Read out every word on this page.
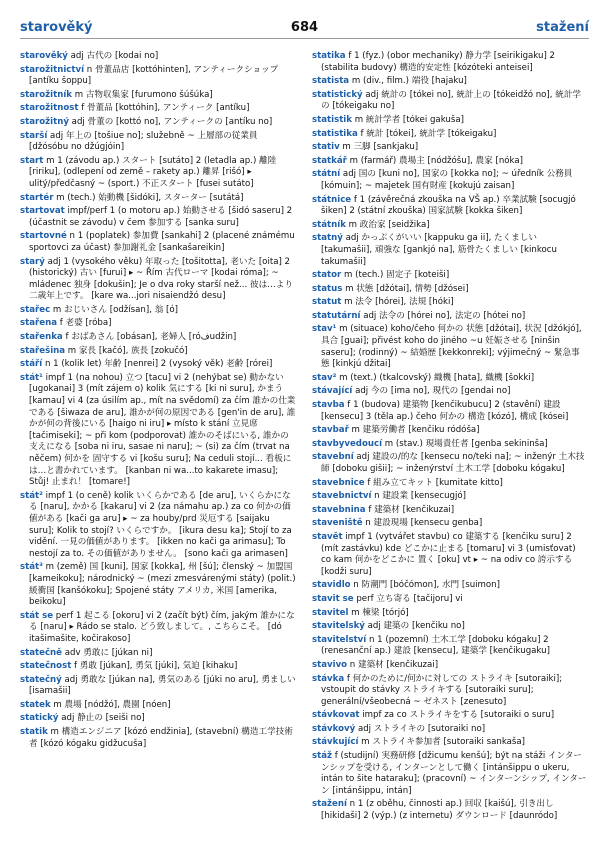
starověký	684	stažení

starověký adj 古代の [kodai no]

starožitnictví n 骨董品店 [kottóhinten], アンティークショップ [antíku šoppu]

starožitník m 古物収集家 [furumono šúšúka]

starožitnost f 骨董品 [kottóhin], アンティーク [antíku]

starožitný adj 骨董の [kottó no], アンティークの [antíku no]

starší adj 年上の [tošiue no]; služebně ~ 上層部の従業員 [džósóbu no džúgjóin]

start m 1 (závodu ap.) スタート [sutáto] 2 (letadla ap.) 離陸 [ririku], (odlepení od země – rakety ap.) 離昇 [rišó] ▸ ulitý/předčasný ~ (sport.) 不正スタート [fusei sutáto]

startér m (tech.) 始動機 [šidóki], スターター [sutátá]

startovat impf/perf 1 (o motoru ap.) 始動させる [šidó saseru] 2 (účastnit se závodu) v čem 参加する [sanka suru]

startovné n 1 (poplatek) 参加費 [sankahi] 2 (placené známému sportovci za účast) 参加謝礼金 [sankašareikin]

starý adj 1 (vysokého věku) 年取った [tošitotta], 老いた [oita] 2 (historický) 古い [furui] ▸ ~ Řím 古代ローマ [kodai róma]; ~ mládenec 独身 [dokušin]; Je o dva roky starší než... 彼は…より二歳年上です。 [kare wa...jori nisaiendžó desu]

stařec m おじいさん [odžísan], 翁 [ó]

stařena f 老婆 [róba]

stařenka f おばあさん [obásan], 老婦人 [róفudžin]

stařešina m 家長 [kačó], 族長 [zokučó]

stáří n 1 (kolik let) 年齢 [nenrei] 2 (vysoký věk) 老齢 [rórei]

stát¹ impf 1 (na nohou) 立つ [tacu] vi 2 (nehýbat se) 動かない [ugokanai] 3 (mít zájem o) kolik 気にする [ki ni suru], かまう [kamau] vi 4 (za úsilím ap., mít na svědomí) za čím 誰かの仕業である [šiwaza de aru], 誰かが何の原因である [gen'in de aru], 誰かが何の背後にいる [haigo ni iru] ▸ místo k stání 立見席 [tačimiseki]; ~ při kom (podporovat) 誰かのそばにいる, 誰かの支えになる [soba ni iru, sasae ni naru]; ~ (si) za čím (trvat na něčem) 何かを 固守する vi [košu suru]; Na ceduli stojí... 看板には…と書かれています。 [kanban ni wa...to kakarete imasu]; Stůj! 止まれ！ [tomare!]

stát² impf 1 (o ceně) kolik いくらかである [de aru], いくらかになる [naru], かかる [kakaru] vi 2 (za námahu ap.) za co 何かの価値がある [kači ga aru] ▸ ~ za houby/prd 災厄する [saijaku suru]; Kolik to stojí? いくらですか。 [ikura desu ka]; Stojí to za vidění. 一見の価値があります。 [ikken no kači ga arimasu]; To nestojí za to. その価値がありません。 [sono kači ga arimasen]

stát³ m (země) 国 [kuni], 国家 [kokka], 州 [šú]; členský ~ 加盟国 [kameikoku]; národnický ~ (mezi zmesvárenými státy) (polit.) 緩衝国 [kanšókoku]; Spojené státy アメリカ, 米国 [amerika, beikoku]

stát se perf 1 起こる [okoru] vi 2 (začít být) čím, jakým 誰かになる [naru] ▸ Rádo se stalo. どう致しまして。, こちらこそ。 [dó itašimašite, kočirakoso]

statečně adv 勇敢に [júkan ni]

statečnost f 勇敢 [júkan], 勇気 [júki], 気迫 [kihaku]

statečný adj 勇敢な [júkan na], 勇気のある [júki no aru], 勇ましい [isamašii]

statek m 農場 [nódžó], 農園 [nóen]

statický adj 静止の [seiši no]

statik m 構造エンジニア [kózó endžinia], (stavební) 構造工学技術者 [kózó kógaku gidžucuša]

statika f 1 (fyz.) (obor mechaniky) 静力学 [seirikigaku] 2 (stabilita budovy) 構造的安定性 [kózóteki anteisei]

statista m (div., film.) 端役 [hajaku]

statistický adj 統計の [tókei no], 統計上の [tókeidžó no], 統計学の [tókeigaku no]

statistik m 統計学者 [tókei gakuša]

statistika f 統計 [tókei], 統計学 [tókeigaku]

stativ m 三脚 [sankjaku]

statkář m (farmář) 農場主 [nódžóšu], 農家 [nóka]

státní adj 国の [kuni no], 国家の [kokka no]; ~ úředník 公務員 [kómuin]; ~ majetek 国有財産 [kokujú zaisan]

státnice f 1 (závěrečná zkouška na VŠ ap.) 卒業試験 [socugjó šiken] 2 (státní zkouška) 国家試験 [kokka šiken]

státník m 政治家 [seidžika]

statný adj かっぷくがいい [kappuku ga ii], たくましい [takumašii], 頑強な [gankjó na], 筋骨たくましい [kinkocu takumašii]

stator m (tech.) 固定子 [koteiši]

status m 状態 [džótai], 情勢 [džósei]

statut m 法令 [hórei], 法規 [hóki]

statutární adj 法令の [hórei no], 法定の [hótei no]

stav¹ m (situace) koho/čeho 何かの 状態 [džótai], 状況 [džókjó], 具合 [guai]; přivést koho do jiného ~u 妊娠させる [ninšin saseru]; (rodinný) ~ 結婚歴 [kekkonreki]; výjimečný ~ 緊急事態 [kinkjú džitai]

stav² m (text.) (tkalcovský) 織機 [hata], 織機 [šokki]

stávající adj 今の [ima no], 現代の [gendai no]

stavba f 1 (budova) 建築物 [kenčikubucu] 2 (stavění) 建設 [kensecu] 3 (těla ap.) čeho 何かの 構造 [kózó], 構成 [kósei]

stavbař m 建築労働者 [kenčiku ródóša]

stavbyvedoucí m (stav.) 現場責任者 [genba sekininša]

stavební adj 建設の/的な [kensecu no/teki na]; ~ inženýr 土木技師 [doboku gišii]; ~ inženýrství 土木工学 [doboku kógaku]

stavebnice f 組み立てキット [kumitate kitto]

stavebnictví n 建設業 [kensecugjó]

stavebnina f 建築材 [kenčikuzai]

staveniště n 建設現場 [kensecu genba]

stavět impf 1 (vytvářet stavbu) co 建築する [kenčiku suru] 2 (mít zastávku) kde どこかに止まる [tomaru] vi 3 (umisťovat) co kam 何かをどこかに 置く [oku] vt ▸ ~ na odiv co 誇示する [kodži suru]

stavidlo n 防潮門 [bóčómon], 水門 [suimon]

stavit se perf 立ち寄る [tačijoru] vi

stavitel m 棟梁 [tórjó]

stavitelský adj 建築の [kenčiku no]

stavitelství n 1 (pozemní) 土木工学 [doboku kógaku] 2 (renesanční ap.) 建設 [kensecu], 建築学 [kenčikugaku]

stavivo n 建築材 [kenčikuzai]

stávka f 何かのために/何かに対しての ストライキ [sutoraiki]; vstoupit do stávky ストライキする [sutoraiki suru]; generální/všeobecná ~ ゼネスト [zenesuto]

stávkovat impf za co ストライキをする [sutoraiki o suru]

stávkový adj ストライキの [sutoraiki no]

stávkující m ストライキ参加者 [sutoraiki sankaša]

stáž f (studijní) 実務研修 [džicumu kenšú]; být na stáži インターンシップを受ける, インターンとして働く [intánšippu o ukeru, intán to šite hataraku]; (pracovní) ~ インターンシップ, インターン [intánšippu, intán]

stažení n 1 (z oběhu, činnosti ap.) 回収 [kaišú], 引き出し [hikidaši] 2 (výp.) (z internetu) ダウンロード [daunródo]
